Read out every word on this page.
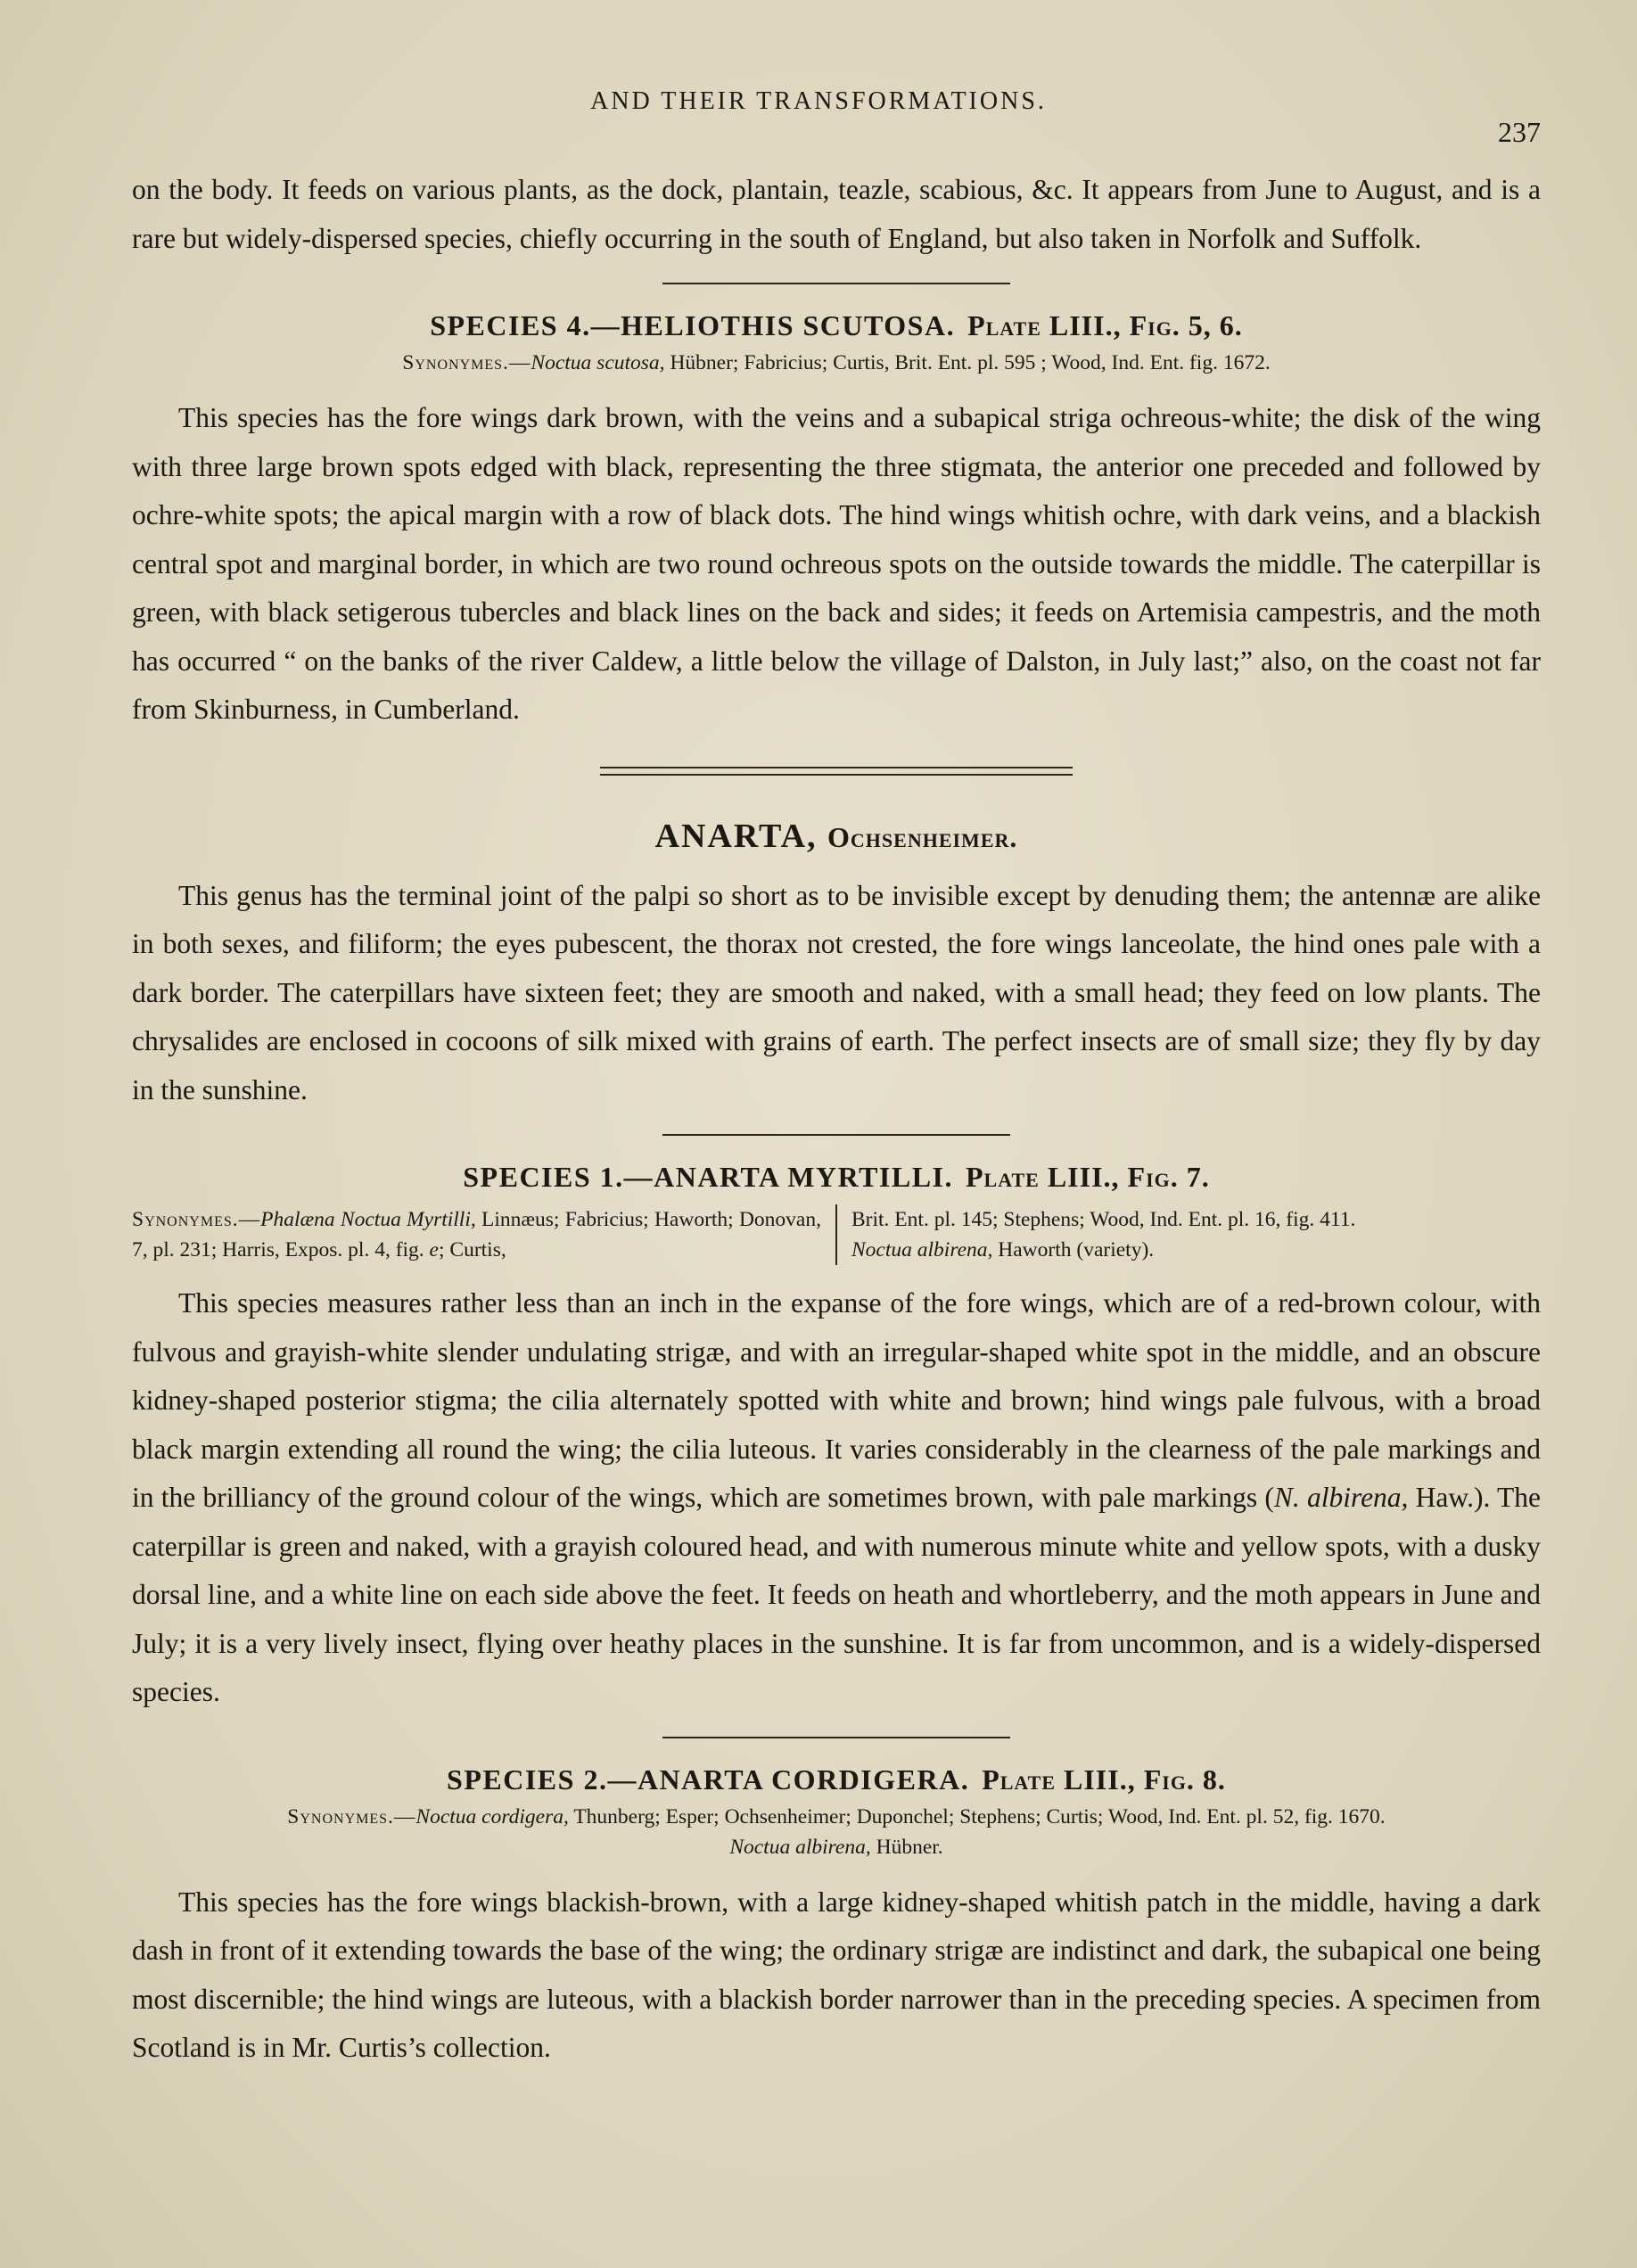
AND THEIR TRANSFORMATIONS.
237

on the body. It feeds on various plants, as the dock, plantain, teazle, scabious, &c. It appears from June to August, and is a rare but widely-dispersed species, chiefly occurring in the south of England, but also taken in Norfolk and Suffolk.

SPECIES 4.—HELIOTHIS SCUTOSA. Plate LIII., Fig. 5, 6.
Synonymes.—Noctua scutosa, Hübner; Fabricius; Curtis, Brit. Ent. pl. 595 ; Wood, Ind. Ent. fig. 1672.

This species has the fore wings dark brown, with the veins and a subapical striga ochreous-white; the disk of the wing with three large brown spots edged with black, representing the three stigmata, the anterior one preceded and followed by ochre-white spots; the apical margin with a row of black dots. The hind wings whitish ochre, with dark veins, and a blackish central spot and marginal border, in which are two round ochreous spots on the outside towards the middle. The caterpillar is green, with black setigerous tubercles and black lines on the back and sides; it feeds on Artemisia campestris, and the moth has occurred “ on the banks of the river Caldew, a little below the village of Dalston, in July last;” also, on the coast not far from Skinburness, in Cumberland.

ANARTA, Ochsenheimer.

This genus has the terminal joint of the palpi so short as to be invisible except by denuding them; the antennæ are alike in both sexes, and filiform; the eyes pubescent, the thorax not crested, the fore wings lanceolate, the hind ones pale with a dark border. The caterpillars have sixteen feet; they are smooth and naked, with a small head; they feed on low plants. The chrysalides are enclosed in cocoons of silk mixed with grains of earth. The perfect insects are of small size; they fly by day in the sunshine.

SPECIES 1.—ANARTA MYRTILLI. Plate LIII., Fig. 7.
Synonymes.—Phalæna Noctua Myrtilli, Linnæus; Fabricius; Haworth; Donovan, 7, pl. 231; Harris, Expos. pl. 4, fig. e; Curtis,
Brit. Ent. pl. 145; Stephens; Wood, Ind. Ent. pl. 16, fig. 411.
Noctua albirena, Haworth (variety).

This species measures rather less than an inch in the expanse of the fore wings, which are of a red-brown colour, with fulvous and grayish-white slender undulating strigæ, and with an irregular-shaped white spot in the middle, and an obscure kidney-shaped posterior stigma; the cilia alternately spotted with white and brown; hind wings pale fulvous, with a broad black margin extending all round the wing; the cilia luteous. It varies considerably in the clearness of the pale markings and in the brilliancy of the ground colour of the wings, which are sometimes brown, with pale markings (N. albirena, Haw.). The caterpillar is green and naked, with a grayish coloured head, and with numerous minute white and yellow spots, with a dusky dorsal line, and a white line on each side above the feet. It feeds on heath and whortleberry, and the moth appears in June and July; it is a very lively insect, flying over heathy places in the sunshine. It is far from uncommon, and is a widely-dispersed species.

SPECIES 2.—ANARTA CORDIGERA. Plate LIII., Fig. 8.
Synonymes.—Noctua cordigera, Thunberg; Esper; Ochsenheimer; Duponchel; Stephens; Curtis; Wood, Ind. Ent. pl. 52, fig. 1670.
Noctua albirena, Hübner.

This species has the fore wings blackish-brown, with a large kidney-shaped whitish patch in the middle, having a dark dash in front of it extending towards the base of the wing; the ordinary strigæ are indistinct and dark, the subapical one being most discernible; the hind wings are luteous, with a blackish border narrower than in the preceding species. A specimen from Scotland is in Mr. Curtis’s collection.
